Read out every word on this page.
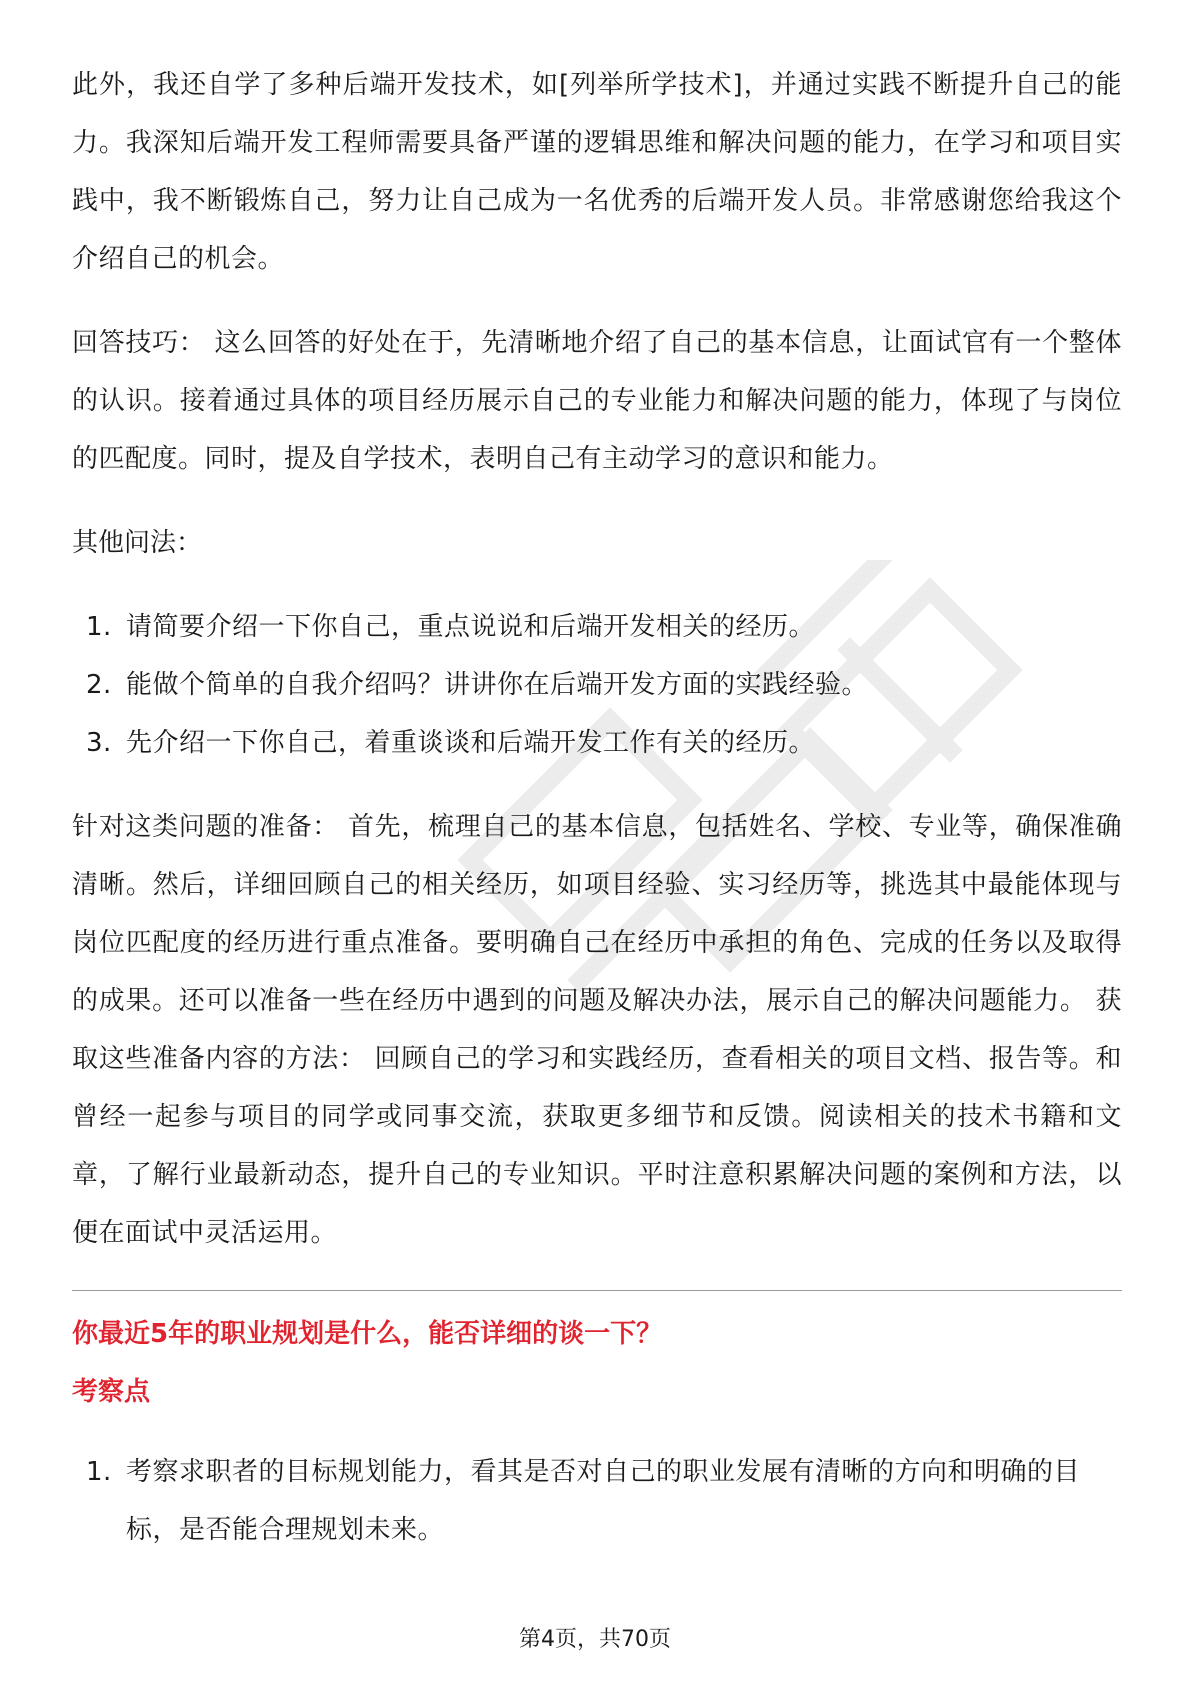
此外，我还自学了多种后端开发技术，如[列举所学技术]，并通过实践不断提升自己的能力。我深知后端开发工程师需要具备严谨的逻辑思维和解决问题的能力，在学习和项目实践中，我不断锻炼自己，努力让自己成为一名优秀的后端开发人员。非常感谢您给我这个介绍自己的机会。

回答技巧： 这么回答的好处在于，先清晰地介绍了自己的基本信息，让面试官有一个整体的认识。接着通过具体的项目经历展示自己的专业能力和解决问题的能力，体现了与岗位的匹配度。同时，提及自学技术，表明自己有主动学习的意识和能力。

其他问法：
1. 请简要介绍一下你自己，重点说说和后端开发相关的经历。
2. 能做个简单的自我介绍吗？讲讲你在后端开发方面的实践经验。
3. 先介绍一下你自己，着重谈谈和后端开发工作有关的经历。

针对这类问题的准备： 首先，梳理自己的基本信息，包括姓名、学校、专业等，确保准确清晰。然后，详细回顾自己的相关经历，如项目经验、实习经历等，挑选其中最能体现与岗位匹配度的经历进行重点准备。要明确自己在经历中承担的角色、完成的任务以及取得的成果。还可以准备一些在经历中遇到的问题及解决办法，展示自己的解决问题能力。 获取这些准备内容的方法： 回顾自己的学习和实践经历，查看相关的项目文档、报告等。和曾经一起参与项目的同学或同事交流，获取更多细节和反馈。阅读相关的技术书籍和文章，了解行业最新动态，提升自己的专业知识。平时注意积累解决问题的案例和方法，以便在面试中灵活运用。

你最近5年的职业规划是什么，能否详细的谈一下？
考察点
1. 考察求职者的目标规划能力，看其是否对自己的职业发展有清晰的方向和明确的目标，是否能合理规划未来。
第4页，共70页
